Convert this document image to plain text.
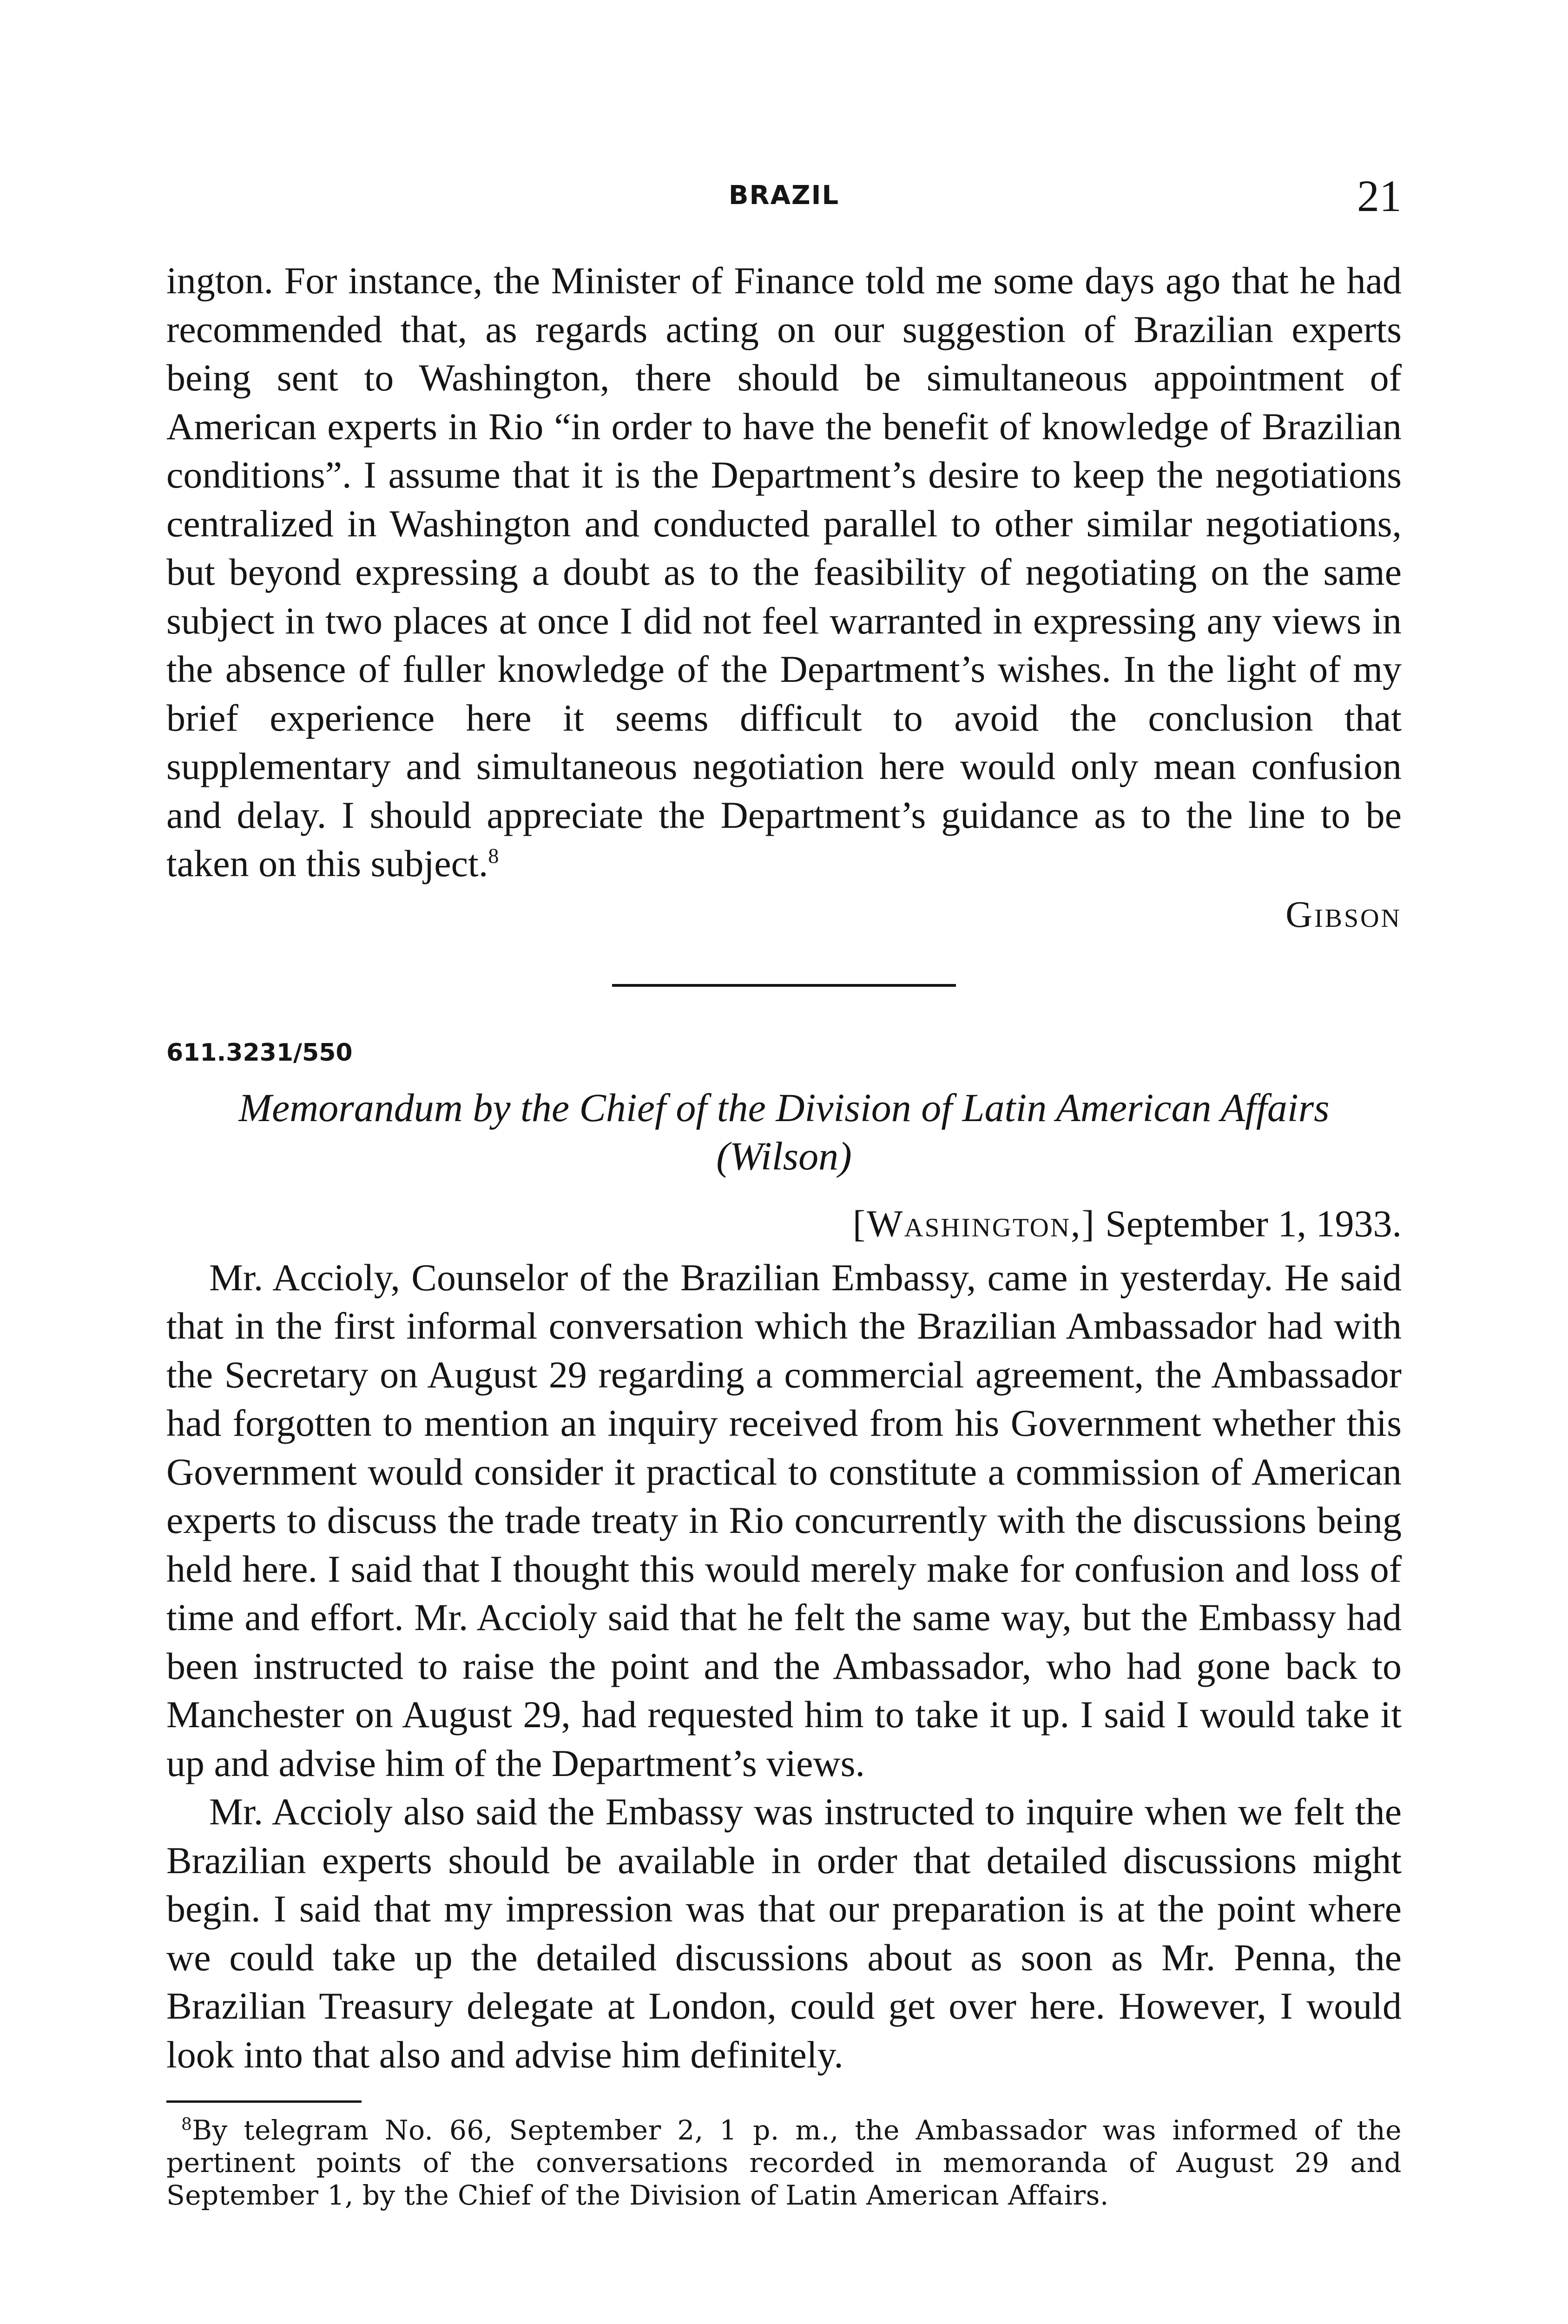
BRAZIL	21

ington. For instance, the Minister of Finance told me some days ago that he had recommended that, as regards acting on our suggestion of Brazilian experts being sent to Washington, there should be simultaneous appointment of American experts in Rio “in order to have the benefit of knowledge of Brazilian conditions”. I assume that it is the Department’s desire to keep the negotiations centralized in Washington and conducted parallel to other similar negotiations, but beyond expressing a doubt as to the feasibility of negotiating on the same subject in two places at once I did not feel warranted in expressing any views in the absence of fuller knowledge of the Department’s wishes. In the light of my brief experience here it seems difficult to avoid the conclusion that supplementary and simultaneous negotiation here would only mean confusion and delay. I should appreciate the Department’s guidance as to the line to be taken on this subject.$^8$

Gibson
611.3231/550
Memorandum by the Chief of the Division of Latin American Affairs
(Wilson)
[Washington,] September 1, 1933.

Mr. Accioly, Counselor of the Brazilian Embassy, came in yesterday. He said that in the first informal conversation which the Brazilian Ambassador had with the Secretary on August 29 regarding a commercial agreement, the Ambassador had forgotten to mention an inquiry received from his Government whether this Government would consider it practical to constitute a commission of American experts to discuss the trade treaty in Rio concurrently with the discussions being held here. I said that I thought this would merely make for confusion and loss of time and effort. Mr. Accioly said that he felt the same way, but the Embassy had been instructed to raise the point and the Ambassador, who had gone back to Manchester on August 29, had requested him to take it up. I said I would take it up and advise him of the Department’s views.

Mr. Accioly also said the Embassy was instructed to inquire when we felt the Brazilian experts should be available in order that detailed discussions might begin. I said that my impression was that our preparation is at the point where we could take up the detailed discussions about as soon as Mr. Penna, the Brazilian Treasury delegate at London, could get over here. However, I would look into that also and advise him definitely.

$^8$By telegram No. 66, September 2, 1 p. m., the Ambassador was informed of the pertinent points of the conversations recorded in memoranda of August 29 and September 1, by the Chief of the Division of Latin American Affairs.
